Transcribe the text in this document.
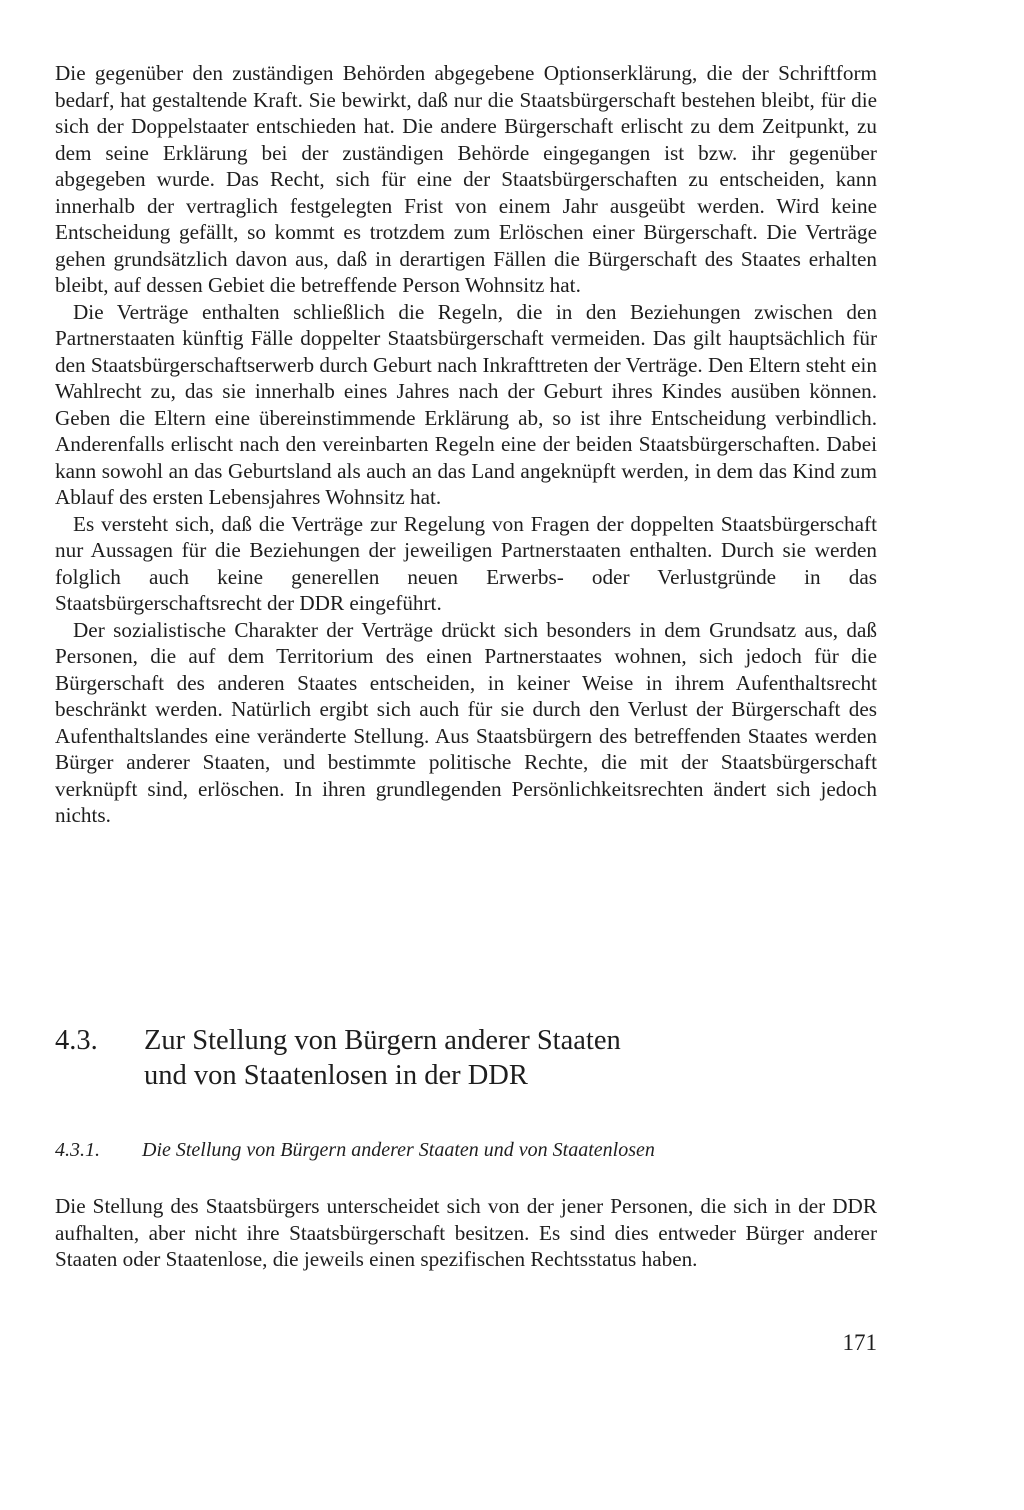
Die gegenüber den zuständigen Behörden abgegebene Optionserklärung, die der Schriftform bedarf, hat gestaltende Kraft. Sie bewirkt, daß nur die Staatsbürgerschaft bestehen bleibt, für die sich der Doppelstaater entschieden hat. Die andere Bürgerschaft erlischt zu dem Zeitpunkt, zu dem seine Erklärung bei der zuständigen Behörde eingegangen ist bzw. ihr gegenüber abgegeben wurde. Das Recht, sich für eine der Staatsbürgerschaften zu entscheiden, kann innerhalb der vertraglich festgelegten Frist von einem Jahr ausgeübt werden. Wird keine Entscheidung gefällt, so kommt es trotzdem zum Erlöschen einer Bürgerschaft. Die Verträge gehen grundsätzlich davon aus, daß in derartigen Fällen die Bürgerschaft des Staates erhalten bleibt, auf dessen Gebiet die betreffende Person Wohnsitz hat.

Die Verträge enthalten schließlich die Regeln, die in den Beziehungen zwischen den Partnerstaaten künftig Fälle doppelter Staatsbürgerschaft vermeiden. Das gilt hauptsächlich für den Staatsbürgerschaftserwerb durch Geburt nach Inkrafttreten der Verträge. Den Eltern steht ein Wahlrecht zu, das sie innerhalb eines Jahres nach der Geburt ihres Kindes ausüben können. Geben die Eltern eine übereinstimmende Erklärung ab, so ist ihre Entscheidung verbindlich. Anderenfalls erlischt nach den vereinbarten Regeln eine der beiden Staatsbürgerschaften. Dabei kann sowohl an das Geburtsland als auch an das Land angeknüpft werden, in dem das Kind zum Ablauf des ersten Lebensjahres Wohnsitz hat.

Es versteht sich, daß die Verträge zur Regelung von Fragen der doppelten Staatsbürgerschaft nur Aussagen für die Beziehungen der jeweiligen Partnerstaaten enthalten. Durch sie werden folglich auch keine generellen neuen Erwerbs- oder Verlustgründe in das Staatsbürgerschaftsrecht der DDR eingeführt.

Der sozialistische Charakter der Verträge drückt sich besonders in dem Grundsatz aus, daß Personen, die auf dem Territorium des einen Partnerstaates wohnen, sich jedoch für die Bürgerschaft des anderen Staates entscheiden, in keiner Weise in ihrem Aufenthaltsrecht beschränkt werden. Natürlich ergibt sich auch für sie durch den Verlust der Bürgerschaft des Aufenthaltslandes eine veränderte Stellung. Aus Staatsbürgern des betreffenden Staates werden Bürger anderer Staaten, und bestimmte politische Rechte, die mit der Staatsbürgerschaft verknüpft sind, erlöschen. In ihren grundlegenden Persönlichkeitsrechten ändert sich jedoch nichts.

4.3.	Zur Stellung von Bürgern anderer Staaten
und von Staatenlosen in der DDR
4.3.1.	Die Stellung von Bürgern anderer Staaten und von Staatenlosen

Die Stellung des Staatsbürgers unterscheidet sich von der jener Personen, die sich in der DDR aufhalten, aber nicht ihre Staatsbürgerschaft besitzen. Es sind dies entweder Bürger anderer Staaten oder Staatenlose, die jeweils einen spezifischen Rechtsstatus haben.

171
